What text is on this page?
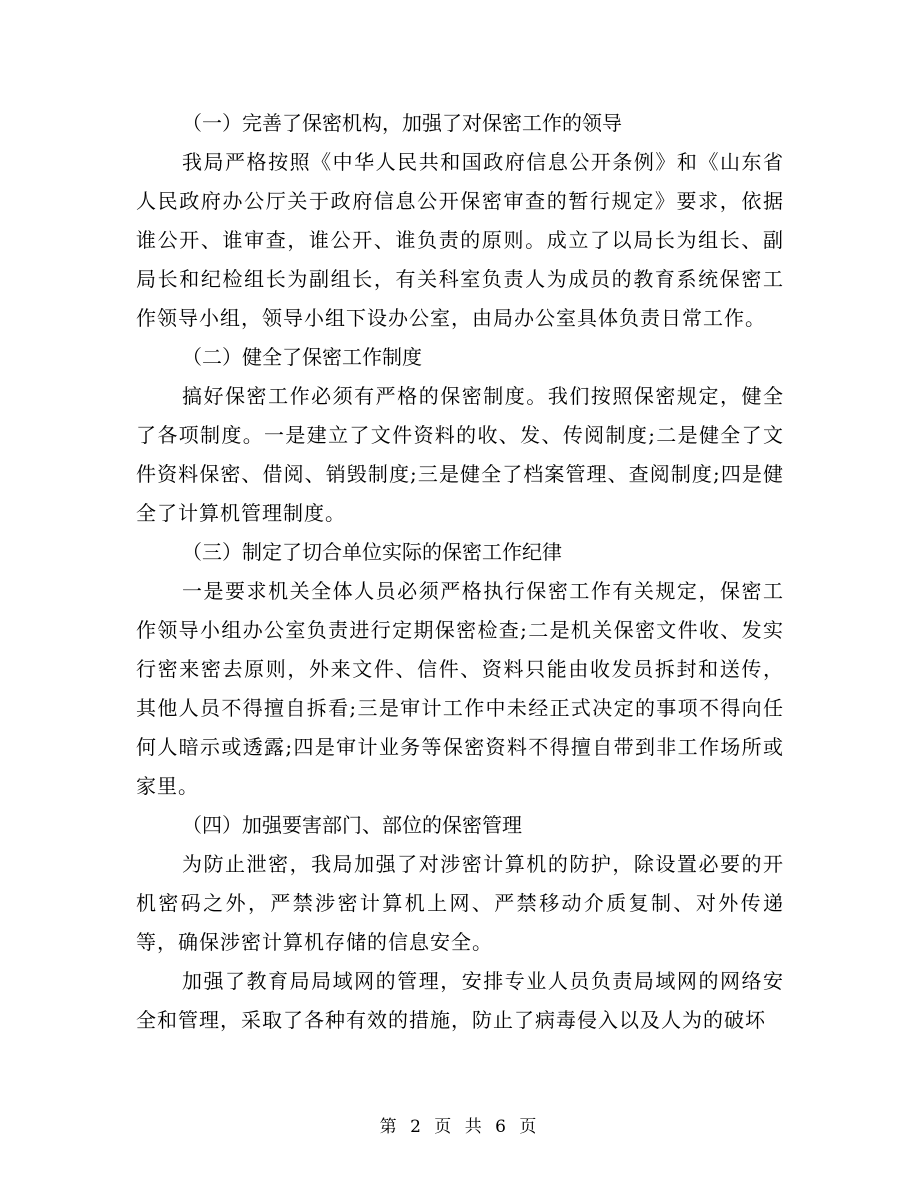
（一）完善了保密机构，加强了对保密工作的领导

我局严格按照《中华人民共和国政府信息公开条例》和《山东省人民政府办公厅关于政府信息公开保密审查的暂行规定》要求，依据谁公开、谁审查，谁公开、谁负责的原则。成立了以局长为组长、副局长和纪检组长为副组长，有关科室负责人为成员的教育系统保密工作领导小组，领导小组下设办公室，由局办公室具体负责日常工作。

（二）健全了保密工作制度

搞好保密工作必须有严格的保密制度。我们按照保密规定，健全了各项制度。一是建立了文件资料的收、发、传阅制度;二是健全了文件资料保密、借阅、销毁制度;三是健全了档案管理、查阅制度;四是健全了计算机管理制度。

（三）制定了切合单位实际的保密工作纪律

一是要求机关全体人员必须严格执行保密工作有关规定，保密工作领导小组办公室负责进行定期保密检查;二是机关保密文件收、发实行密来密去原则，外来文件、信件、资料只能由收发员拆封和送传，其他人员不得擅自拆看;三是审计工作中未经正式决定的事项不得向任何人暗示或透露;四是审计业务等保密资料不得擅自带到非工作场所或家里。

（四）加强要害部门、部位的保密管理

为防止泄密，我局加强了对涉密计算机的防护，除设置必要的开机密码之外，严禁涉密计算机上网、严禁移动介质复制、对外传递等，确保涉密计算机存储的信息安全。

加强了教育局局域网的管理，安排专业人员负责局域网的网络安全和管理，采取了各种有效的措施，防止了病毒侵入以及人为的破坏

第 2 页 共 6 页
